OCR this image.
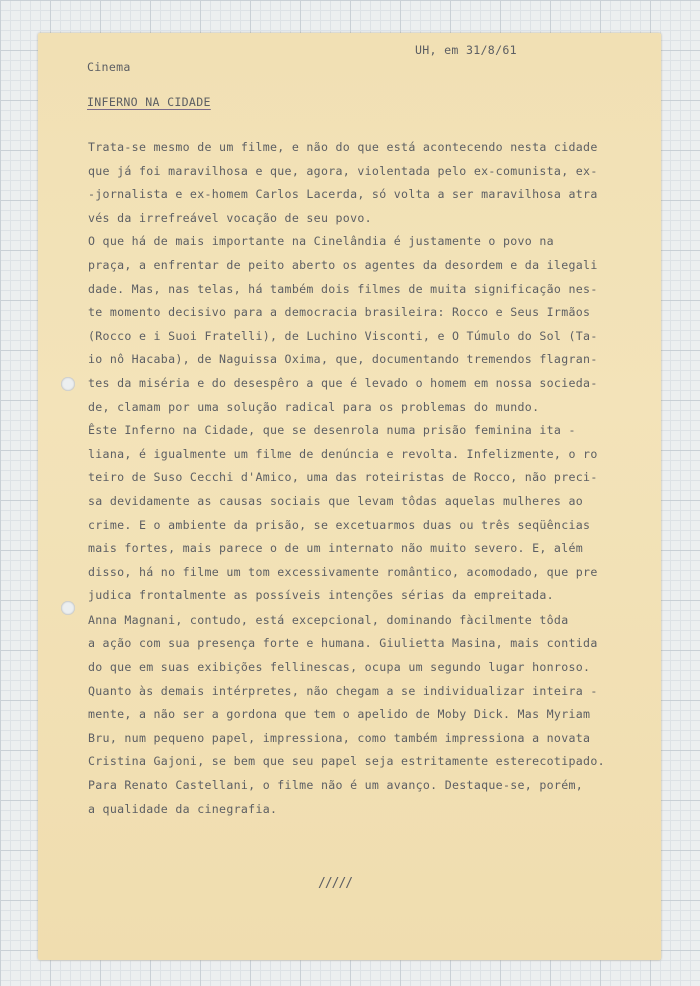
Cinema
UH, em 31/8/61
INFERNO NA CIDADE
Trata-se mesmo de um filme, e não do que está acontecendo nesta cidade
que já foi maravilhosa e que, agora, violentada pelo ex-comunista, ex-
-jornalista e ex-homem Carlos Lacerda, só volta a ser maravilhosa atra
vés da irrefreável vocação de seu povo.
O que há de mais importante na Cinelândia é justamente o povo na
praça, a enfrentar de peito aberto os agentes da desordem e da ilegali
dade. Mas, nas telas, há também dois filmes de muita significação nes-
te momento decisivo para a democracia brasileira: Rocco e Seus Irmãos
(Rocco e i Suoi Fratelli), de Luchino Visconti, e O Túmulo do Sol (Ta-
io nô Hacaba), de Naguissa Oxima, que, documentando tremendos flagran-
tes da miséria e do desespêro a que é levado o homem em nossa socieda-
de, clamam por uma solução radical para os problemas do mundo.
Êste Inferno na Cidade, que se desenrola numa prisão feminina ita -
liana, é igualmente um filme de denúncia e revolta. Infelizmente, o ro
teiro de Suso Cecchi d'Amico, uma das roteiristas de Rocco, não preci-
sa devidamente as causas sociais que levam tôdas aquelas mulheres ao
crime. E o ambiente da prisão, se excetuarmos duas ou três seqüências
mais fortes, mais parece o de um internato não muito severo. E, além
disso, há no filme um tom excessivamente romântico, acomodado, que pre
judica frontalmente as possíveis intenções sérias da empreitada.
Anna Magnani, contudo, está excepcional, dominando fàcilmente tôda
a ação com sua presença forte e humana. Giulietta Masina, mais contida
do que em suas exibições fellinescas, ocupa um segundo lugar honroso.
Quanto às demais intérpretes, não chegam a se individualizar inteira -
mente, a não ser a gordona que tem o apelido de Moby Dick. Mas Myriam
Bru, num pequeno papel, impressiona, como também impressiona a novata
Cristina Gajoni, se bem que seu papel seja estritamente esterecotipado.
Para Renato Castellani, o filme não é um avanço. Destaque-se, porém,
a qualidade da cinegrafia.
/////
